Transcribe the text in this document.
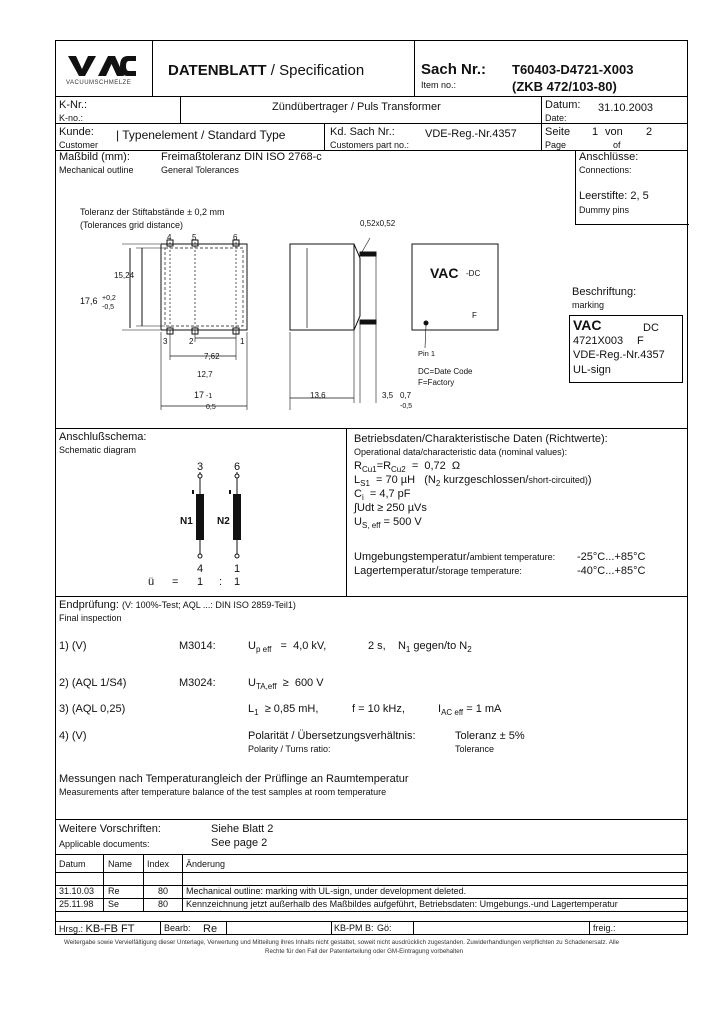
VACUUMSCHMELZE
DATENBLATT / Specification	Sach Nr.:
Item no.:
T60403-D4721-X003
(ZKB 472/103-80)
K-Nr.:
K-no.:
Zündübertrager / Puls Transformer	Datum:
Date:
31.10.2003
Kunde:
Customer
| Typenelement / Standard Type	Kd. Sach Nr.:
Customers part no.:
VDE-Reg.-Nr.4357	Seite
Page
1 von
of
2
Maßbild (mm):
Mechanical outline
Freimaßtoleranz DIN ISO 2768-c
General Tolerances
Toleranz der Stiftabstände ± 0,2 mm
(Tolerances grid distance)
Anschlüsse:
Connections:
Leerstifte: 2, 5
Dummy pins
4	5	6
3	2	1
15,24
17,6 +0,2
-0,5
7,62
12,7
17 -1
0,5
0,52x0,52
13,6	3,5 0,7
-0,5
VAC -DC
F
Pin 1
DC=Date Code
F=Factory
Beschriftung:
marking
VAC	DC
4721X003 F
VDE-Reg.-Nr.4357
UL-sign
Anschlußschema:
Schematic diagram
3	6
N1 N2
4	1
ü = 1 : 1
Betriebsdaten/Charakteristische Daten (Richtwerte):
Operational data/characteristic data (nominal values):
$R_{Cu1}=R_{Cu2} = 0,72$  Ω
$L_{S1} = 70$ µH   ($N_2$ kurzgeschlossen/short-circuited))
$C_i = 4,7$ pF
∫Udt ≥ 250 µVs
$U_{S, eff} = 500$ V
Umgebungstemperatur/ambient temperature: -25°C...+85°C
Lagertemperatur/storage temperature:	-40°C...+85°C
Endprüfung: (V: 100%-Test; AQL ...: DIN ISO 2859-Teil1)
Final inspection
1) (V)	M3014:	$U_{p eff} = 4,0$ kV,	2 s,    $N_1$ gegen/to $N_2$
2) (AQL 1/S4)	M3024:	$U_{TA,eff} \ge 600$ V
3) (AQL 0,25)	$L_1 \ge 0,85$ mH,	f = 10 kHz,	$I_{AC eff} = 1$ mA
4) (V)	Polarität / Übersetzungsverhältnis:
Polarity / Turns ratio:
Toleranz ± 5%
Tolerance
Messungen nach Temperaturangleich der Prüflinge an Raumtemperatur
Measurements after temperature balance of the test samples at room temperature
Weitere Vorschriften:
Applicable documents:
Siehe Blatt 2
See page 2
Datum Name Index Änderung
31.10.03 Re	80 Mechanical outline: marking with UL-sign, under development deleted.
25.11.98 Se	80 Kennzeichnung jetzt außerhalb des Maßbildes aufgeführt, Betriebsdaten: Umgebungs.-und Lagertemperatur
Hrsg.: KB-FB FT	Bearb: Re	KB-PM B: Gö:	freig.:
Weitergabe sowie Vervielfältigung dieser Unterlage, Verwertung und Mitteilung ihres Inhalts nicht gestattet, soweit nicht ausdrücklich zugestanden. Zuwiderhandlungen verpflichten zu Schadenersatz. Alle
Rechte für den Fall der Patenterteilung oder GM-Eintragung vorbehalten
